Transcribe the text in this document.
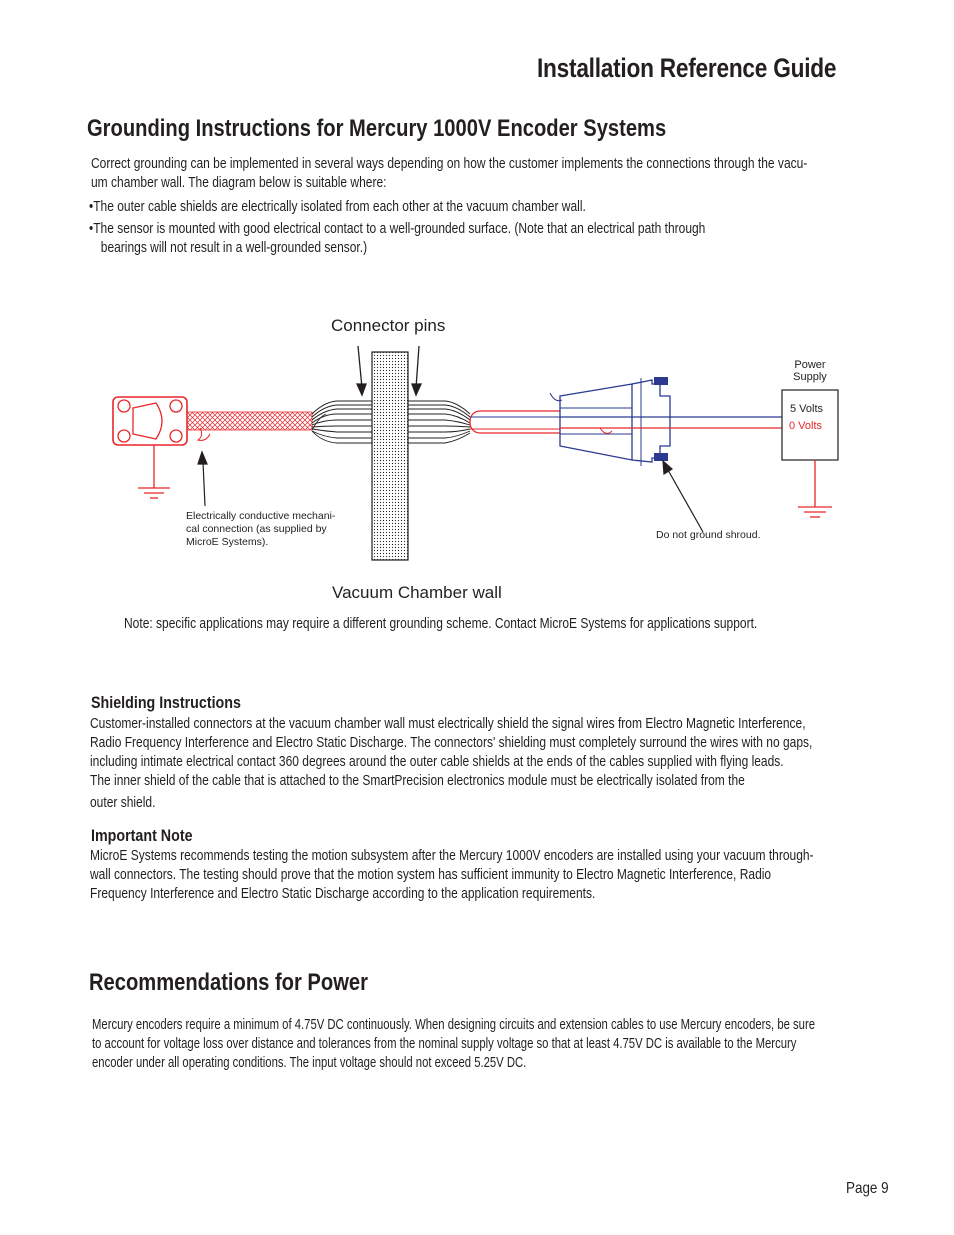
Installation Reference Guide
Grounding Instructions for Mercury 1000V Encoder Systems
Correct grounding can be implemented in several ways depending on how the customer implements the connections through the vacu-
um chamber wall. The diagram below is suitable where:
•The outer cable shields are electrically isolated from each other at the vacuum chamber wall.
•The sensor is mounted with good electrical contact to a well-grounded surface. (Note that an electrical path through
bearings will not result in a well-grounded sensor.)
Connector pins
Power
Supply
5 Volts
0 Volts
Electrically conductive mechani-
cal connection (as supplied by
MicroE Systems).
Do not ground shroud.
Vacuum Chamber wall
Note: specific applications may require a different grounding scheme. Contact MicroE Systems for applications support.
Shielding Instructions
Customer-installed connectors at the vacuum chamber wall must electrically shield the signal wires from Electro Magnetic Interference,
Radio Frequency Interference and Electro Static Discharge. The connectors' shielding must completely surround the wires with no gaps,
including intimate electrical contact 360 degrees around the outer cable shields at the ends of the cables supplied with flying leads.
The inner shield of the cable that is attached to the SmartPrecision electronics module must be electrically isolated from the
outer shield.
Important Note
MicroE Systems recommends testing the motion subsystem after the Mercury 1000V encoders are installed using your vacuum through-
wall connectors. The testing should prove that the motion system has sufficient immunity to Electro Magnetic Interference, Radio
Frequency Interference and Electro Static Discharge according to the application requirements.
Recommendations for Power
Mercury encoders require a minimum of 4.75V DC continuously. When designing circuits and extension cables to use Mercury encoders, be sure
to account for voltage loss over distance and tolerances from the nominal supply voltage so that at least 4.75V DC is available to the Mercury
encoder under all operating conditions. The input voltage should not exceed 5.25V DC.
Page 9
